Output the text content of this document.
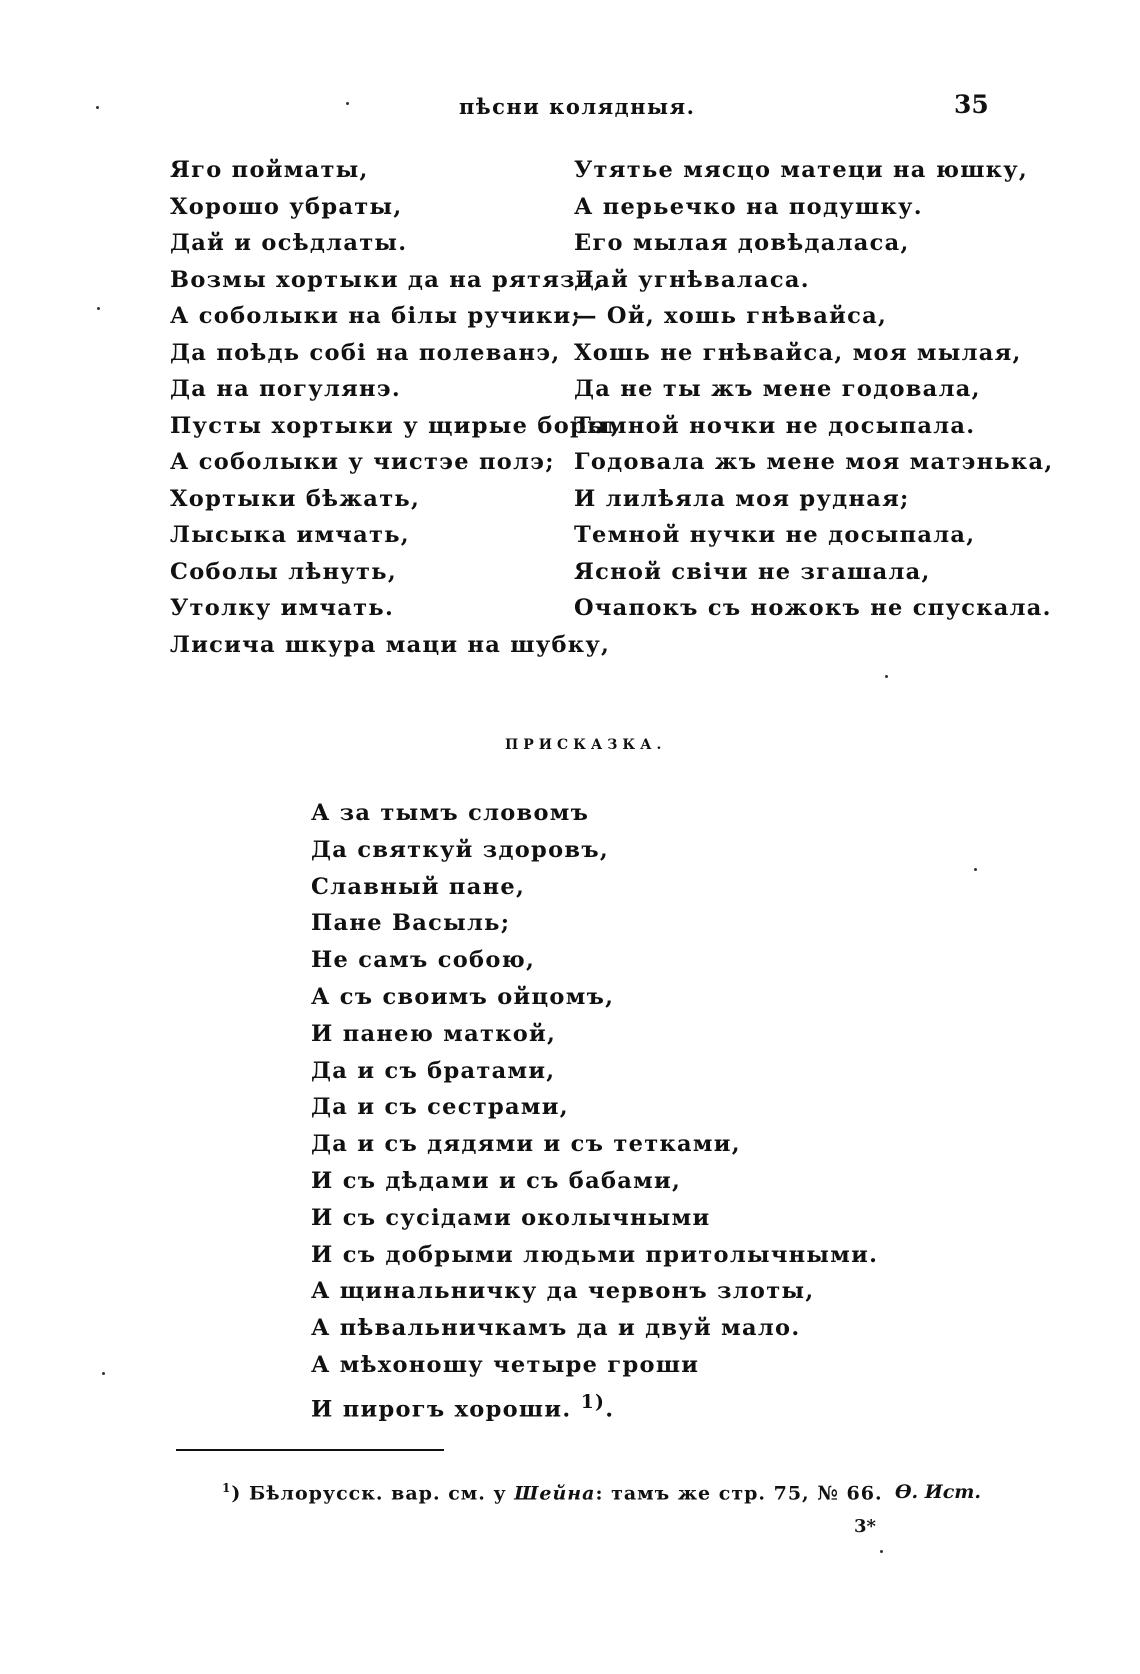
пѣсни колядныя.	35
Яго пойматы,
Хорошо убраты,
Дай и осѣдлаты.
Возмы хортыки да на рятязи,
А соболыки на білы ручики;
Да поѣдь собі на полеванэ,
Да на погулянэ.
Пусты хортыки у щирые боры,
А соболыки у чистэе полэ;
Хортыки бѣжать,
Лысыка имчать,
Соболы лѣнуть,
Утолку имчать.
Лисича шкура маци на шубку,
Утятье мясцо матеци на юшку,
А перьечко на подушку.
Его мылая довѣдаласа,
Дай угнѣваласа.
— Ой, хошь гнѣвайса,
Хошь не гнѣвайса, моя мылая,
Да не ты жъ мене годовала,
Тэмной ночки не досыпала.
Годовала жъ мене моя матэнька,
И лилѣяла моя рудная;
Темной нучки не досыпала,
Ясной свічи не згашала,
Очапокъ съ ножокъ не спускала.
ПРИСКАЗКА.
А за тымъ словомъ
Да святкуй здоровъ,
Славный пане,
Пане Васыль;
Не самъ собою,
А съ своимъ ойцомъ,
И панею маткой,
Да и съ братами,
Да и съ сестрами,
Да и съ дядями и съ тетками,
И съ дѣдами и съ бабами,
И съ сусідами околычными
И съ добрыми людьми притолычными.
А щинальничку да червонъ злоты,
А пѣвальничкамъ да и двуй мало.
А мѣхоношу четыре гроши
И пирогъ хороши. $^{1)}$.
$^1$) Бѣлорусск. вар. см. у Шейна: тамъ же стр. 75, № 66. Ѳ. Ист.
3*
